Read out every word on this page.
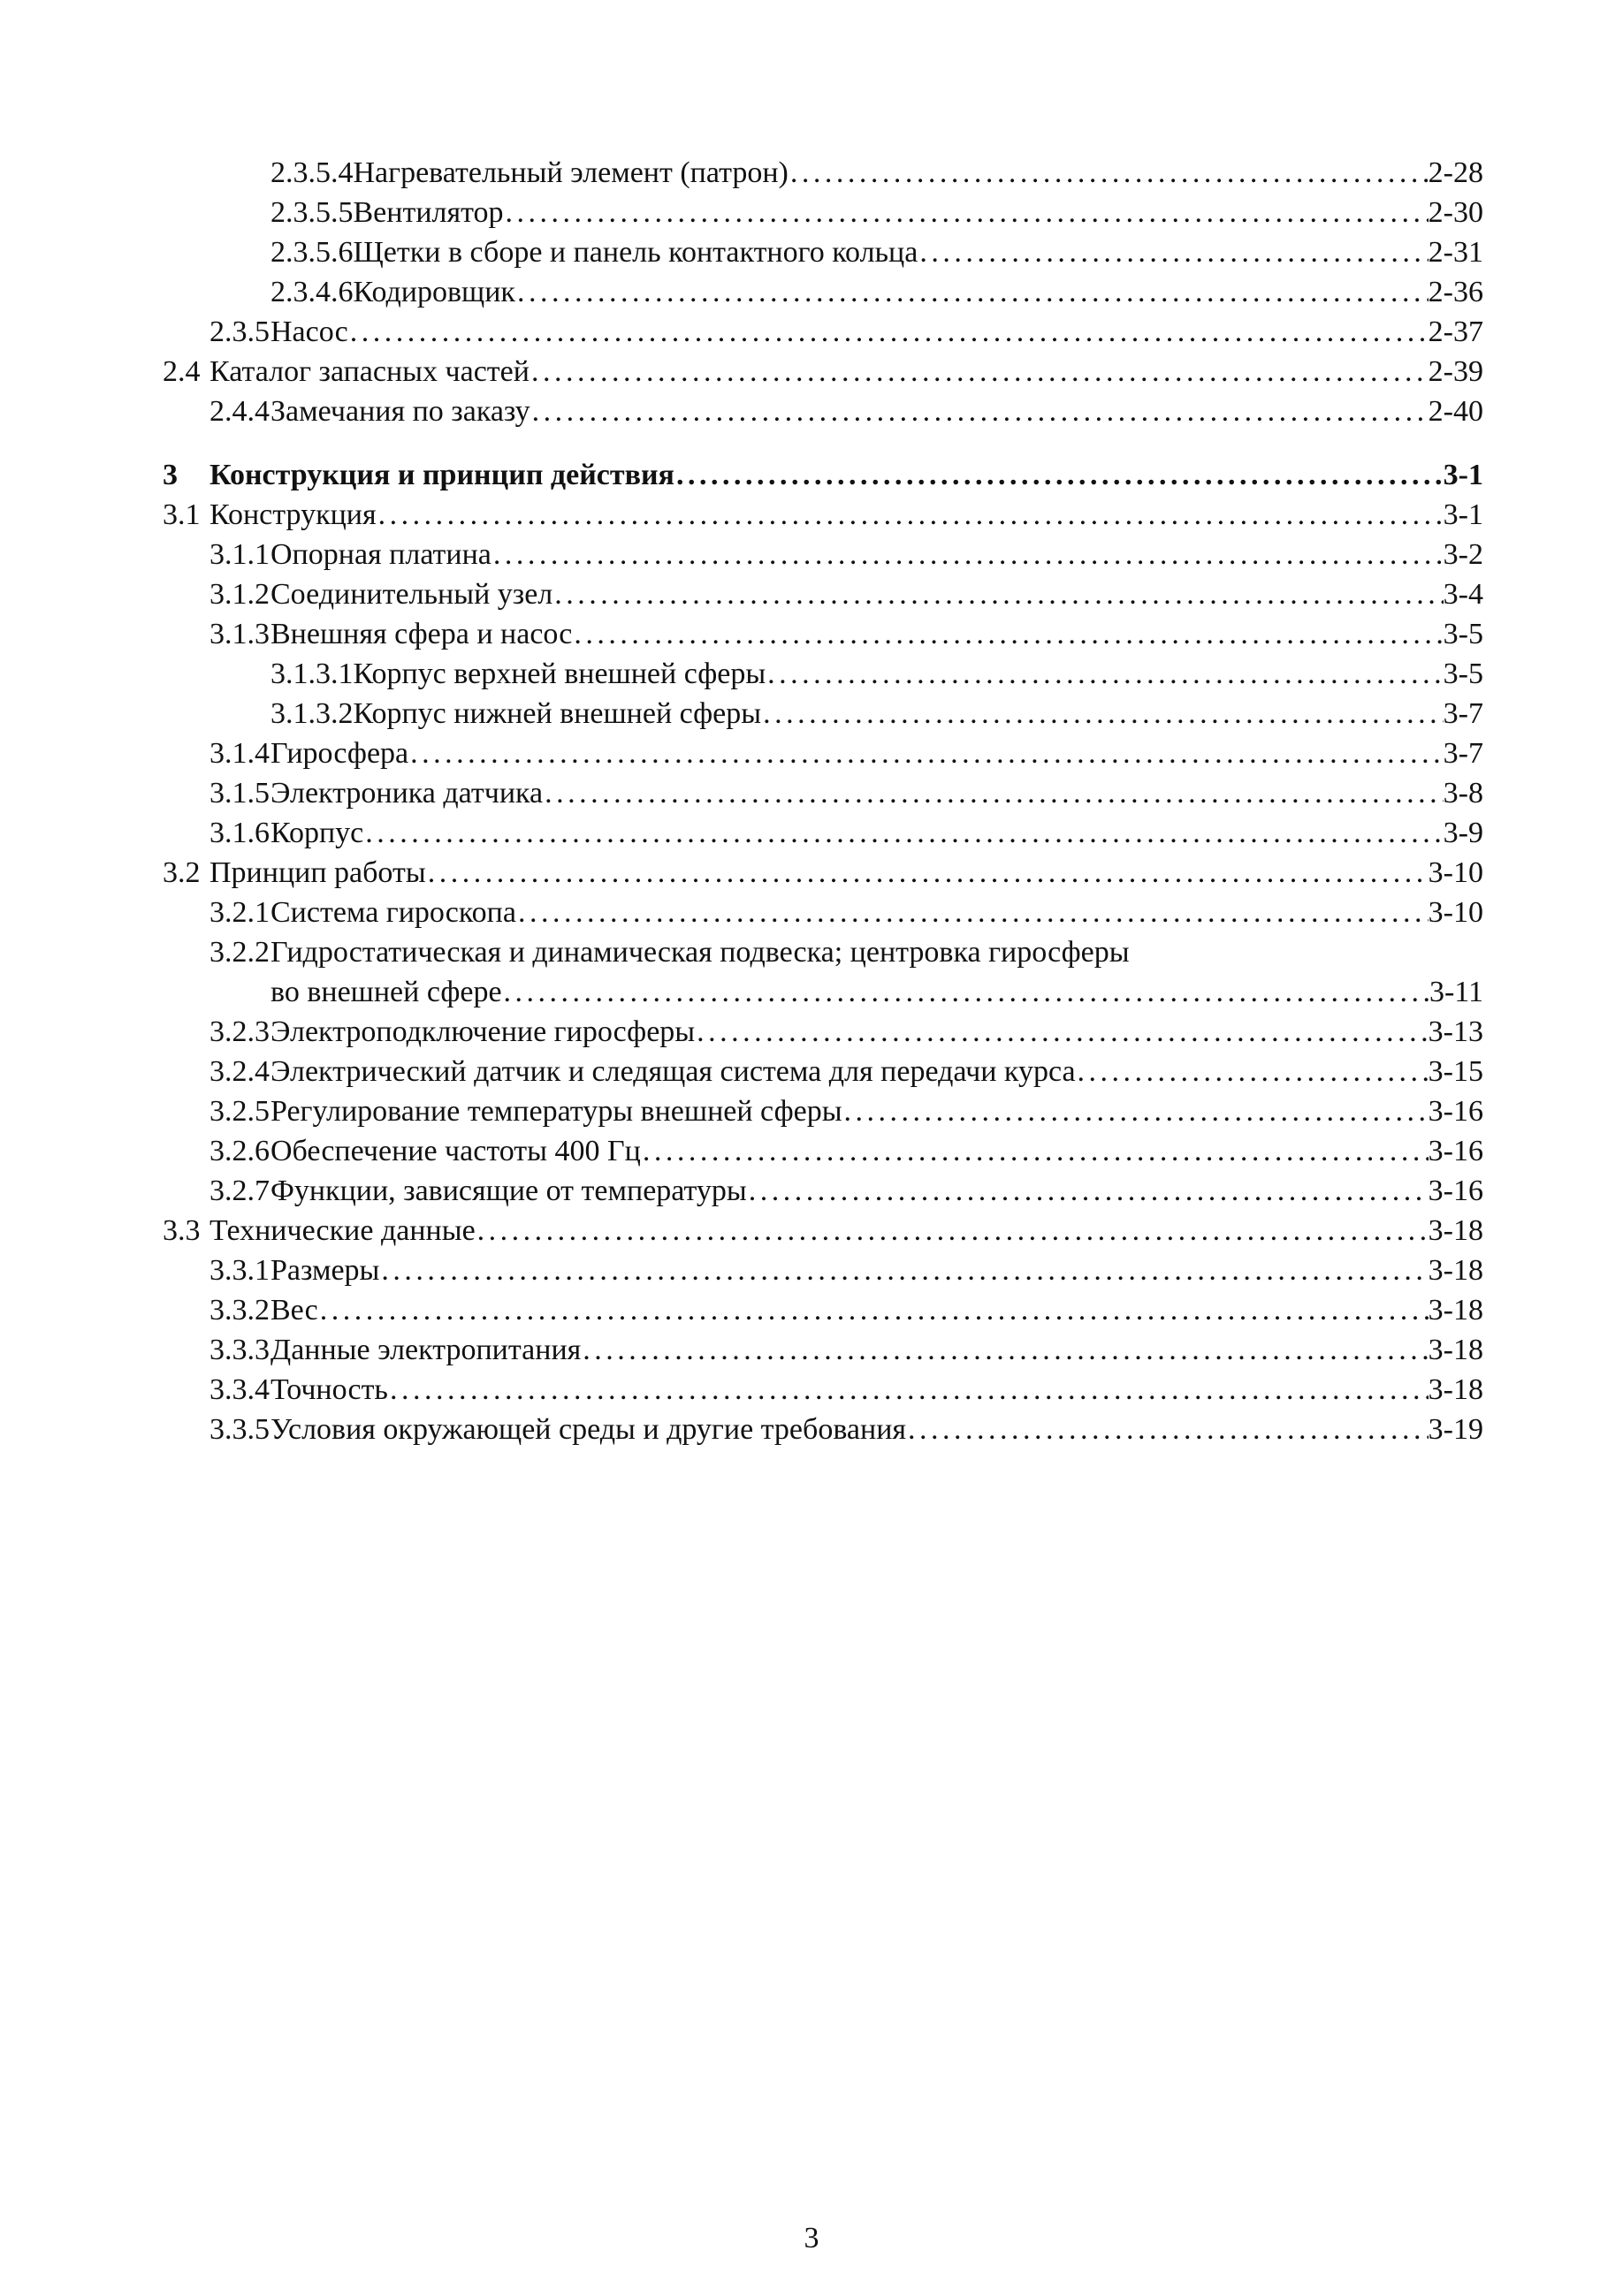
2.3.5.4 Нагревательный элемент (патрон) .....	2-28
2.3.5.5 Вентилятор .....	2-30
2.3.5.6 Щетки в сборе и панель контактного кольца .....	2-31
2.3.4.6 Кодировщик .....	2-36
2.3.5 Насос .....	2-37
2.4 Каталог запасных частей .....	2-39
2.4.4 Замечания по заказу .....	2-40
3	Конструкция и принцип действия .....	3-1
3.1 Конструкция .....	3-1
3.1.1 Опорная платина .....	3-2
3.1.2 Соединительный узел .....	3-4
3.1.3 Внешняя сфера и насос .....	3-5
3.1.3.1 Корпус верхней внешней сферы .....	3-5
3.1.3.2 Корпус нижней внешней сферы .....	3-7
3.1.4 Гиросфера .....	3-7
3.1.5 Электроника датчика .....	3-8
3.1.6 Корпус .....	3-9
3.2 Принцип работы .....	3-10
3.2.1 Система гироскопа .....	3-10
3.2.2 Гидростатическая и динамическая подвеска; центровка гиросферы
во внешней сфере .....	3-11
3.2.3 Электроподключение гиросферы .....	3-13
3.2.4 Электрический датчик и следящая система для передачи курса .....	3-15
3.2.5 Регулирование температуры внешней сферы .....	3-16
3.2.6 Обеспечение частоты 400 Гц .....	3-16
3.2.7 Функции, зависящие от температуры .....	3-16
3.3 Технические данные .....	3-18
3.3.1 Размеры .....	3-18
3.3.2 Вес .....	3-18
3.3.3 Данные электропитания .....	3-18
3.3.4 Точность .....	3-18
3.3.5 Условия окружающей среды и другие требования .....	3-19
3
